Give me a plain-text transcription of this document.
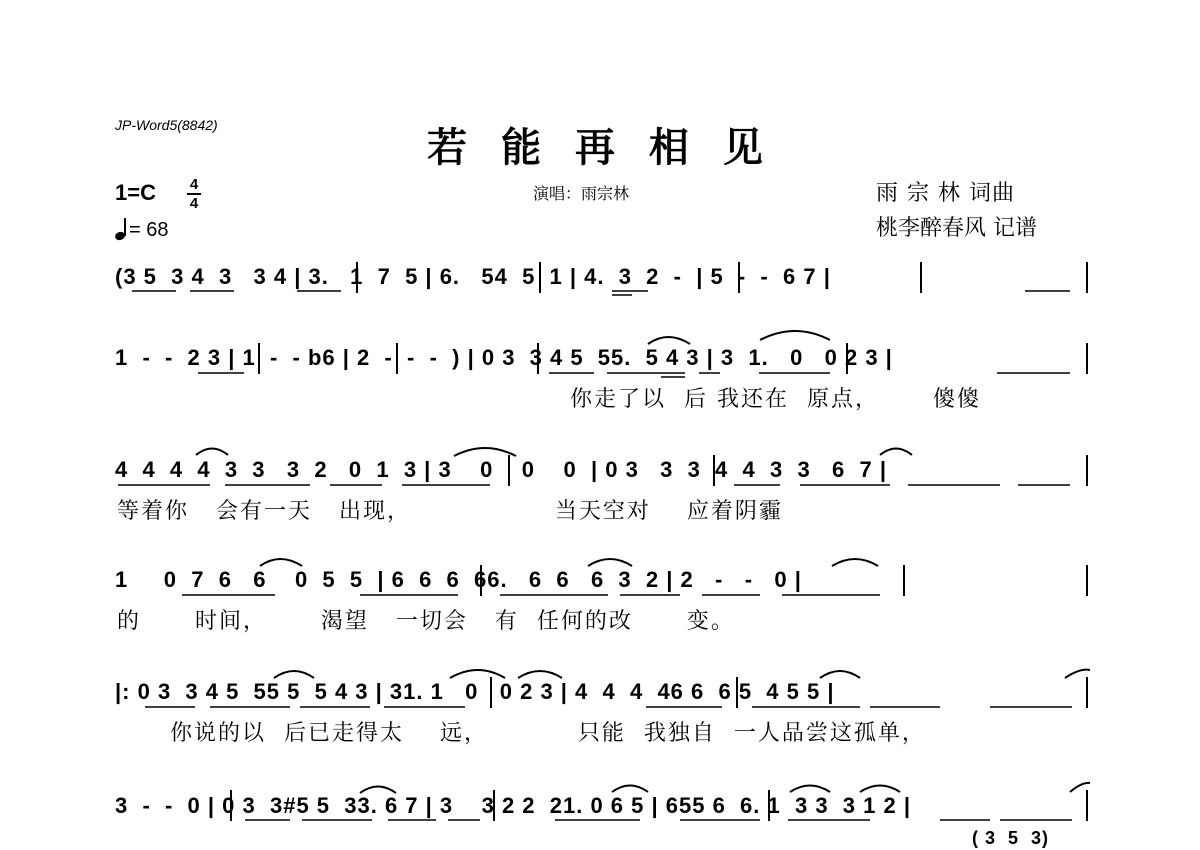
JP-Word5(8842)	若 能 再 相 见
1=C 4
4
= 68
演唱：雨宗林	雨 宗 林 词曲
桃李醉春风 记谱
(3 5  3 4  3   3 4 | 3.   1  7  5 | 6.   54  5  1 | 4.  3  2  -  | 5  -  -  6 7 |
1  -  -  2 3 | 1  -  - b6 | 2  -  -  -  ) | 0 3  3 4 5  55.  5 4 3 | 3  1.   0   0 2 3 |
你走了以  后 我还在  原点，      傻傻
4  4  4  4  3  3   3  2   0  1  3 | 3    0    0    0  | 0 3   3  3  4  4  3  3   6  7 |
等着你   会有一天   出现，                当天空对    应着阴霾
1     0  7  6   6    0  5  5  | 6  6  6  66.   6  6   6  3  2 | 2   -   -   0 |
的      时间，      渴望   一切会   有  任何的改      变。
|: 0 3  3 4 5  55 5  5 4 3 | 31. 1   0   0 2 3 | 4  4  4  46 6  6 5  4 5 5 |
你说的以  后已走得太    远，          只能  我独自  一人品尝这孤单，
3  -  -  0 | 0 3  3#5 5  33. 6 7 | 3    3 2 2  21. 0 6 5 | 655 6  6. 1  3 3  3 1 2 |
( 3  5  3)
